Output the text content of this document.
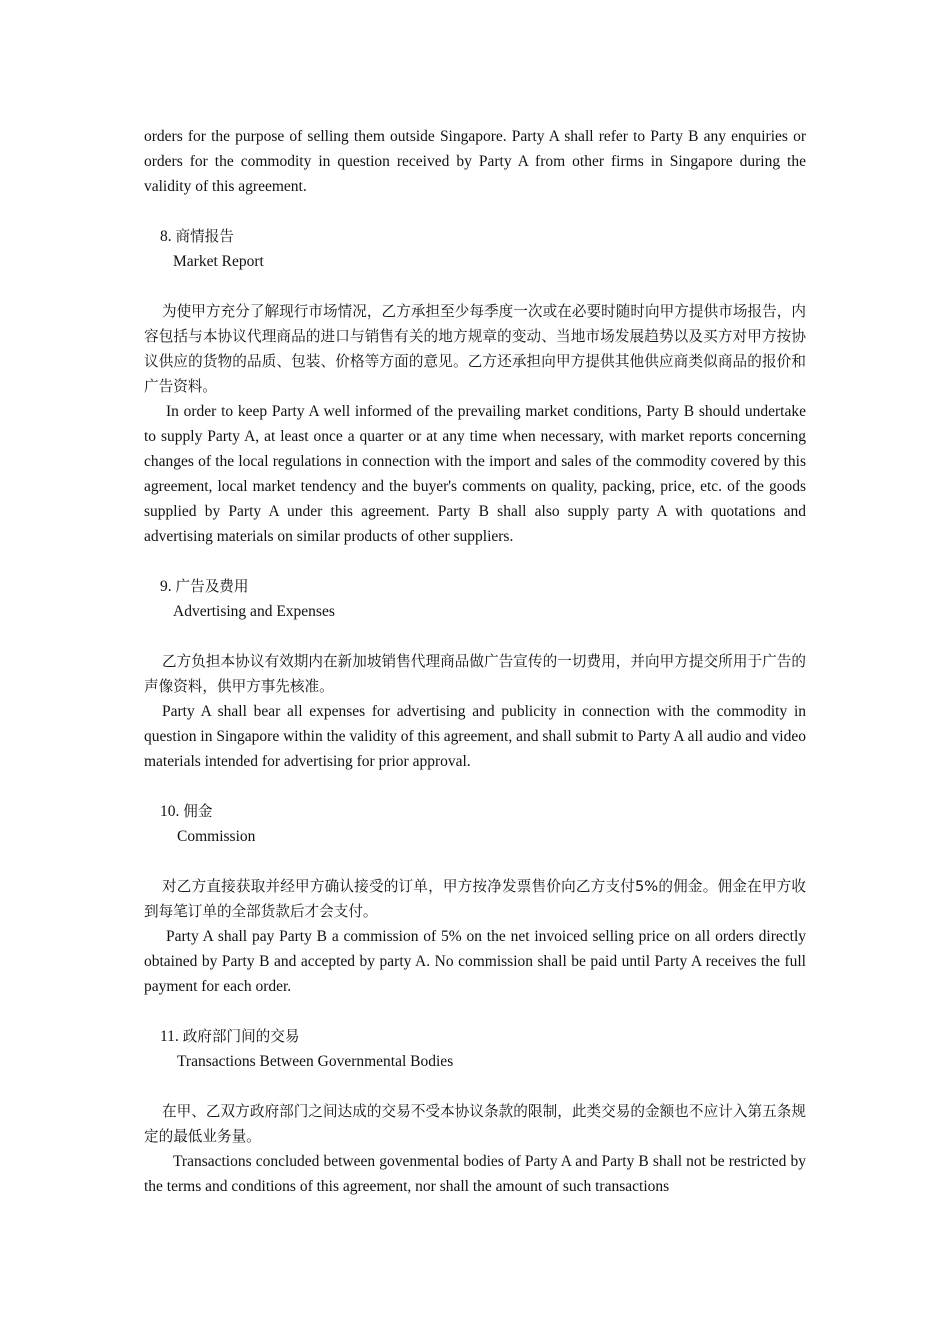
orders for the purpose of selling them outside Singapore. Party A shall refer to Party B any enquiries or orders for the commodity in question received by Party A from other firms in Singapore during the validity of this agreement.

8. 商情报告
Market Report

为使甲方充分了解现行市场情况，乙方承担至少每季度一次或在必要时随时向甲方提供市场报告，内容包括与本协议代理商品的进口与销售有关的地方规章的变动、当地市场发展趋势以及买方对甲方按协议供应的货物的品质、包装、价格等方面的意见。乙方还承担向甲方提供其他供应商类似商品的报价和广告资料。

In order to keep Party A well informed of the prevailing market conditions, Party B should undertake to supply Party A, at least once a quarter or at any time when necessary, with market reports concerning changes of the local regulations in connection with the import and sales of the commodity covered by this agreement, local market tendency and the buyer's comments on quality, packing, price, etc. of the goods supplied by Party A under this agreement. Party B shall also supply party A with quotations and advertising materials on similar products of other suppliers.

9. 广告及费用
Advertising and Expenses

乙方负担本协议有效期内在新加坡销售代理商品做广告宣传的一切费用，并向甲方提交所用于广告的声像资料，供甲方事先核准。

Party A shall bear all expenses for advertising and publicity in connection with the commodity in question in Singapore within the validity of this agreement, and shall submit to Party A all audio and video materials intended for advertising for prior approval.

10. 佣金
Commission

对乙方直接获取并经甲方确认接受的订单，甲方按净发票售价向乙方支付5%的佣金。佣金在甲方收到每笔订单的全部货款后才会支付。

Party A shall pay Party B a commission of 5% on the net invoiced selling price on all orders directly obtained by Party B and accepted by party A. No commission shall be paid until Party A receives the full payment for each order.

11. 政府部门间的交易
Transactions Between Governmental Bodies

在甲、乙双方政府部门之间达成的交易不受本协议条款的限制，此类交易的金额也不应计入第五条规定的最低业务量。

Transactions concluded between govenmental bodies of Party A and Party B shall not be restricted by the terms and conditions of this agreement, nor shall the amount of such transactions
